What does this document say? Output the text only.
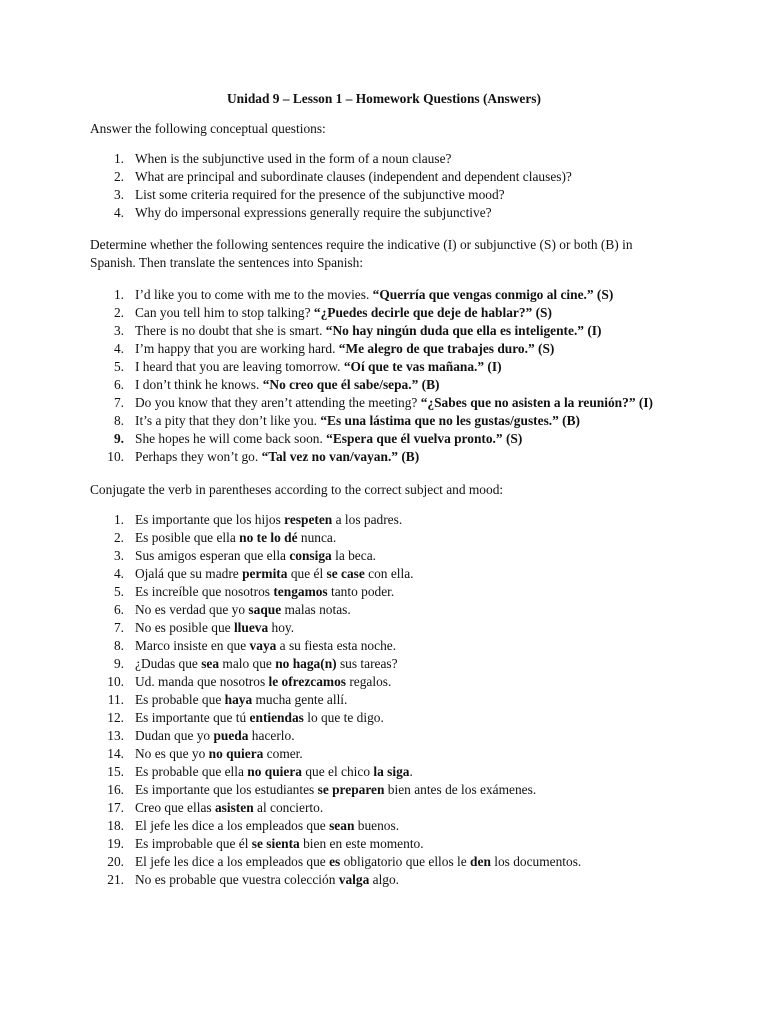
Unidad 9 – Lesson 1 – Homework Questions (Answers)

Answer the following conceptual questions:

1. When is the subjunctive used in the form of a noun clause?
2. What are principal and subordinate clauses (independent and dependent clauses)?
3. List some criteria required for the presence of the subjunctive mood?
4. Why do impersonal expressions generally require the subjunctive?

Determine whether the following sentences require the indicative (I) or subjunctive (S) or both (B) in Spanish. Then translate the sentences into Spanish:

1. I’d like you to come with me to the movies. “Querría que vengas conmigo al cine.” (S)
2. Can you tell him to stop talking? “¿Puedes decirle que deje de hablar?” (S)
3. There is no doubt that she is smart. “No hay ningún duda que ella es inteligente.” (I)
4. I’m happy that you are working hard. “Me alegro de que trabajes duro.” (S)
5. I heard that you are leaving tomorrow. “Oí que te vas mañana.” (I)
6. I don’t think he knows. “No creo que él sabe/sepa.” (B)
7. Do you know that they aren’t attending the meeting? “¿Sabes que no asisten a la reunión?” (I)
8. It’s a pity that they don’t like you. “Es una lástima que no les gustas/gustes.” (B)
9. She hopes he will come back soon. “Espera que él vuelva pronto.” (S)
10. Perhaps they won’t go. “Tal vez no van/vayan.” (B)

Conjugate the verb in parentheses according to the correct subject and mood:

1. Es importante que los hijos respeten a los padres.
2. Es posible que ella no te lo dé nunca.
3. Sus amigos esperan que ella consiga la beca.
4. Ojalá que su madre permita que él se case con ella.
5. Es increíble que nosotros tengamos tanto poder.
6. No es verdad que yo saque malas notas.
7. No es posible que llueva hoy.
8. Marco insiste en que vaya a su fiesta esta noche.
9. ¿Dudas que sea malo que no haga(n) sus tareas?
10. Ud. manda que nosotros le ofrezcamos regalos.
11. Es probable que haya mucha gente allí.
12. Es importante que tú entiendas lo que te digo.
13. Dudan que yo pueda hacerlo.
14. No es que yo no quiera comer.
15. Es probable que ella no quiera que el chico la siga.
16. Es importante que los estudiantes se preparen bien antes de los exámenes.
17. Creo que ellas asisten al concierto.
18. El jefe les dice a los empleados que sean buenos.
19. Es improbable que él se sienta bien en este momento.
20. El jefe les dice a los empleados que es obligatorio que ellos le den los documentos.
21. No es probable que vuestra colección valga algo.
